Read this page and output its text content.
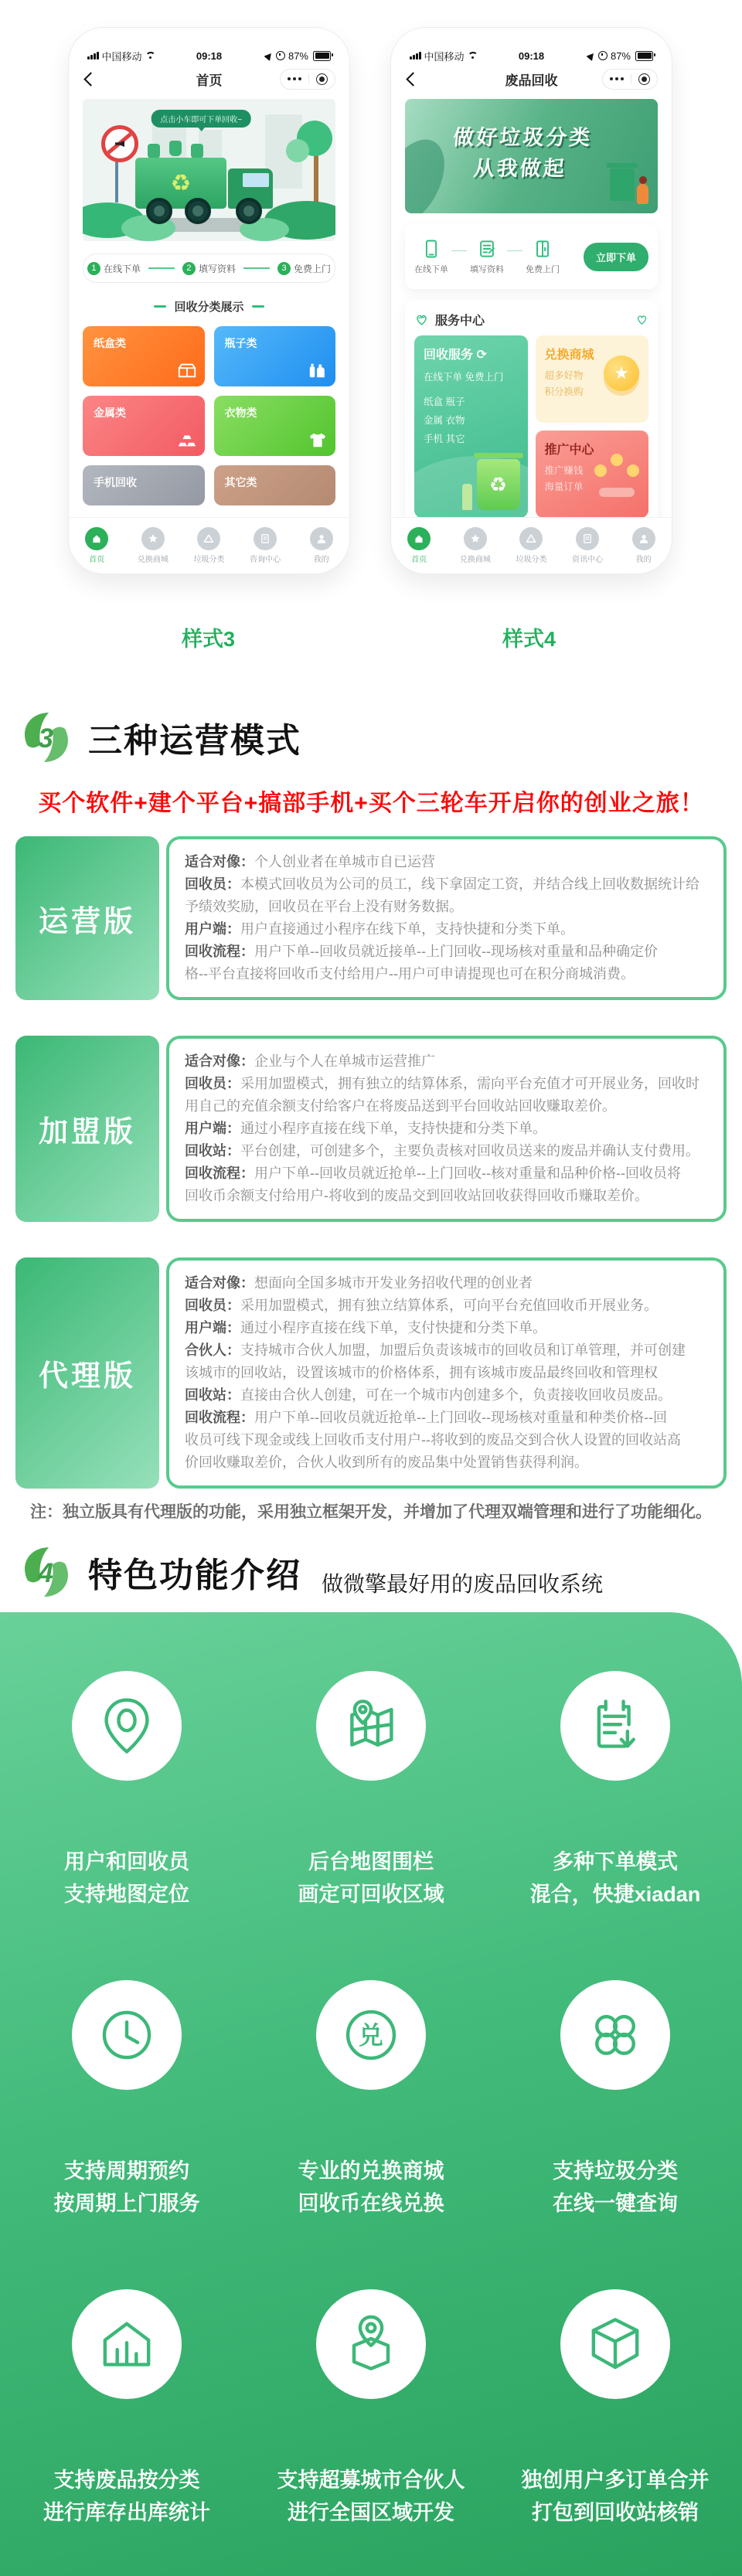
中国移动	09:18	87%
首页
点击小车即可下单回收~
♻
1 在线下单	2 填写资料	3 免费上门
回收分类展示
纸盒类	瓶子类
金属类	衣物类
手机回收	其它类
首页	兑换商城	垃圾分类	咨询中心	我的
中国移动	09:18	87%
废品回收
做好垃圾分类
从我做起
在线下单	填写资料	免费上门
立即下单
服务中心
回收服务 ⟳
在线下单 免费上门
纸盒 瓶子
金属 衣物
手机 其它
♻
兑换商城
超多好物
积分换购
★
推广中心
推广赚钱
海量订单
首页	兑换商城	垃圾分类	资讯中心	我的
样式3	样式4
3 三种运营模式
买个软件+建个平台+搞部手机+买个三轮车开启你的创业之旅！
运营版
适合对像：个人创业者在单城市自已运营
回收员：本模式回收员为公司的员工，线下拿固定工资，并结合线上回收数据统计给
予绩效奖励，回收员在平台上没有财务数据。
用户端：用户直接通过小程序在线下单，支持快捷和分类下单。
回收流程：用户下单--回收员就近接单--上门回收--现场核对重量和品种确定价
格--平台直接将回收币支付给用户--用户可申请提现也可在积分商城消费。
加盟版
适合对像：企业与个人在单城市运营推广
回收员：采用加盟模式，拥有独立的结算体系，需向平台充值才可开展业务，回收时
用自己的充值余额支付给客户在将废品送到平台回收站回收赚取差价。
用户端：通过小程序直接在线下单，支持快捷和分类下单。
回收站：平台创建，可创建多个，主要负责核对回收员送来的废品并确认支付费用。
回收流程：用户下单--回收员就近抢单--上门回收--核对重量和品种价格--回收员将
回收币余额支付给用户-将收到的废品交到回收站回收获得回收币赚取差价。
代理版
适合对像：想面向全国多城市开发业务招收代理的创业者
回收员：采用加盟模式，拥有独立结算体系，可向平台充值回收币开展业务。
用户端：通过小程序直接在线下单，支付快捷和分类下单。
合伙人：支持城市合伙人加盟，加盟后负责该城市的回收员和订单管理，并可创建
该城市的回收站，设置该城市的价格体系，拥有该城市废品最终回收和管理权
回收站：直接由合伙人创建，可在一个城市内创建多个，负责接收回收员废品。
回收流程：用户下单--回收员就近抢单--上门回收--现场核对重量和种类价格--回
收员可线下现金或线上回收币支付用户--将收到的废品交到合伙人设置的回收站高
价回收赚取差价，合伙人收到所有的废品集中处置销售获得利润。
注：独立版具有代理版的功能，采用独立框架开发，并增加了代理双端管理和进行了功能细化。
4 特色功能介绍 做微擎最好用的废品回收系统
用户和回收员
支持地图定位
后台地图围栏
画定可回收区域
多种下单模式
混合，快捷xiadan
支持周期预约
按周期上门服务
兑
专业的兑换商城
回收币在线兑换
支持垃圾分类
在线一键查询
支持废品按分类
进行库存出库统计
支持超募城市合伙人
进行全国区域开发
独创用户多订单合并
打包到回收站核销
